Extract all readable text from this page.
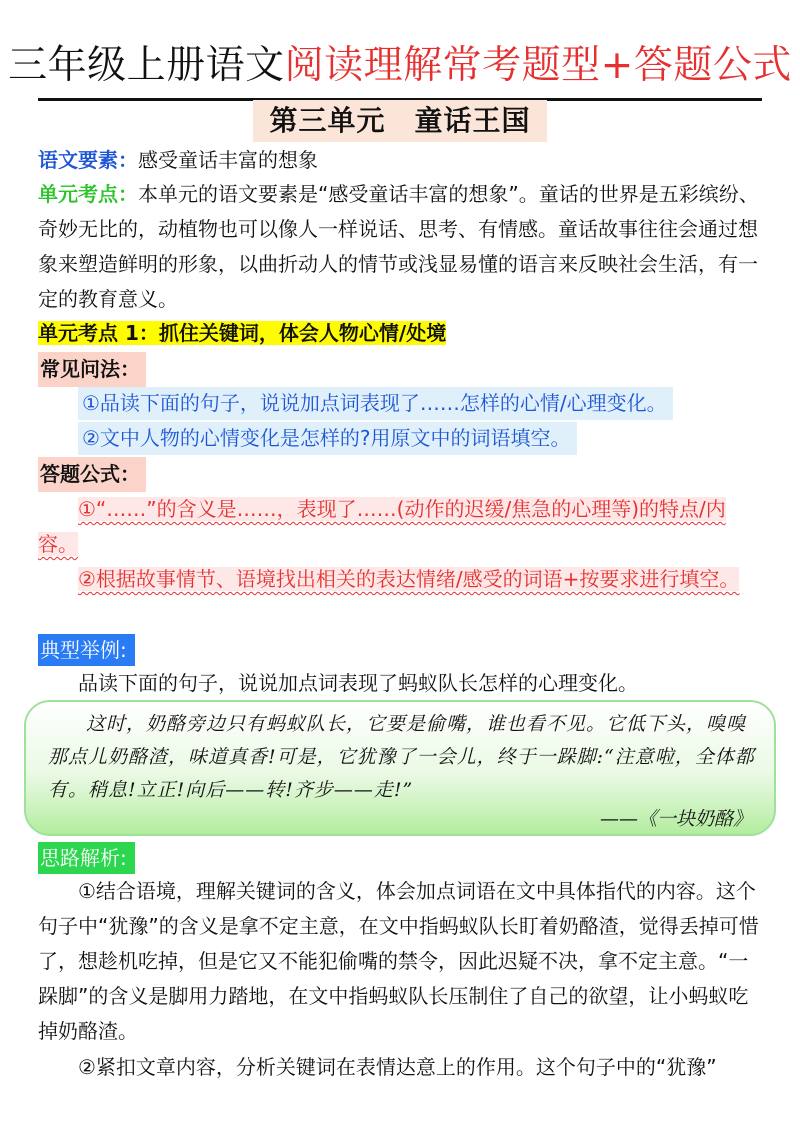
三年级上册语文阅读理解常考题型+答题公式
第三单元　童话王国
语文要素：感受童话丰富的想象
单元考点：本单元的语文要素是“感受童话丰富的想象”。童话的世界是五彩缤纷、奇妙无比的，动植物也可以像人一样说话、思考、有情感。童话故事往往会通过想象来塑造鲜明的形象，以曲折动人的情节或浅显易懂的语言来反映社会生活，有一定的教育意义。
单元考点 1：抓住关键词，体会人物心情/处境
常见问法：
①品读下面的句子，说说加点词表现了……怎样的心情/心理变化。
②文中人物的心情变化是怎样的?用原文中的词语填空。
答题公式：
①“……”的含义是……，表现了……(动作的迟缓/焦急的心理等)的特点/内容。
②根据故事情节、语境找出相关的表达情绪/感受的词语+按要求进行填空。
典型举例:
品读下面的句子，说说加点词表现了蚂蚁队长怎样的心理变化。
这时，奶酪旁边只有蚂蚁队长，它要是偷嘴，谁也看不见。它低下头，嗅嗅那点儿奶酪渣，味道真香!可是，它犹豫了一会儿，终于一跺脚:“注意啦，全体都有。稍息!立正!向后——转!齐步——走!”
——《一块奶酪》
思路解析:
①结合语境，理解关键词的含义，体会加点词语在文中具体指代的内容。这个句子中“犹豫”的含义是拿不定主意，在文中指蚂蚁队长盯着奶酪渣，觉得丢掉可惜了，想趁机吃掉，但是它又不能犯偷嘴的禁令，因此迟疑不决，拿不定主意。“一跺脚”的含义是脚用力踏地，在文中指蚂蚁队长压制住了自己的欲望，让小蚂蚁吃掉奶酪渣。
②紧扣文章内容，分析关键词在表情达意上的作用。这个句子中的“犹豫”
